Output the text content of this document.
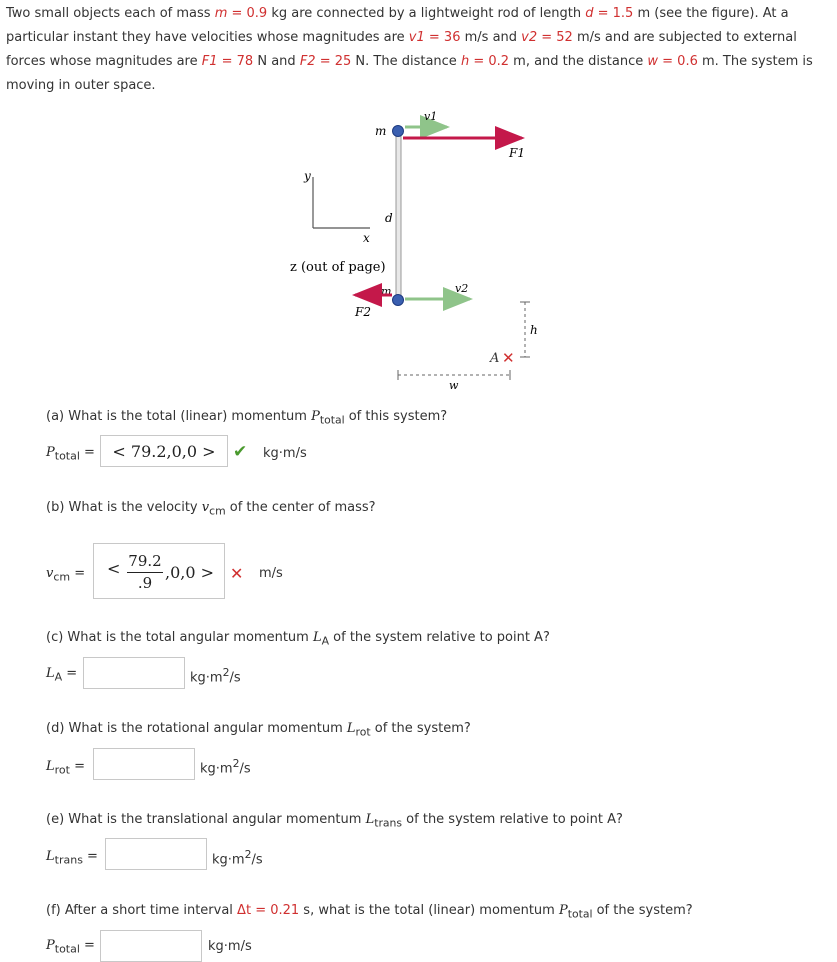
Two small objects each of mass m = 0.9 kg are connected by a lightweight rod of length d = 1.5 m (see the figure). At a particular instant they have velocities whose magnitudes are v1 = 36 m/s and v2 = 52 m/s and are subjected to external forces whose magnitudes are F1 = 78 N and F2 = 25 N. The distance h = 0.2 m, and the distance w = 0.6 m. The system is moving in outer space.
y
x
z (out of page)
m
v1
F1
d
m	v2
F2
A ✕
h
w
(a) What is the total (linear) momentum $P_{total}$ of this system?
$P_{total}$ = < 79.2,0,0 > ✔ kg·m/s
(b) What is the velocity $v_{cm}$ of the center of mass?
$v_{cm}$ = < 79.2
.9
,0,0 > ✕ m/s
(c) What is the total angular momentum $L_A$ of the system relative to point A?
$L_A$ =	$kg\cdot m^2/s$
(d) What is the rotational angular momentum $L_{rot}$ of the system?
$L_{rot}$ =	$kg\cdot m^2/s$
(e) What is the translational angular momentum $L_{trans}$ of the system relative to point A?
$L_{trans}$ =	$kg\cdot m^2/s$
(f) After a short time interval Δt = 0.21 s, what is the total (linear) momentum $P_{total}$ of the system?
$P_{total}$ =	kg·m/s
